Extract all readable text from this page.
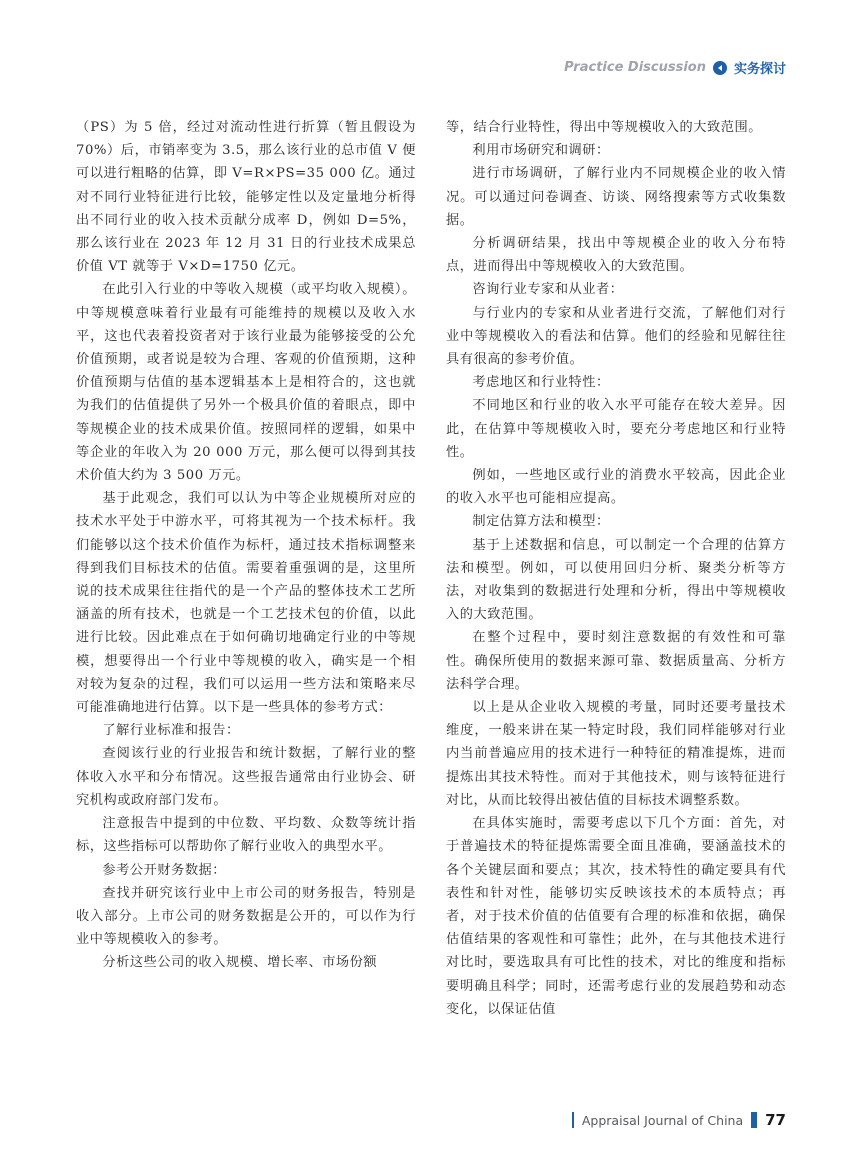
Practice Discussion 实务探讨

（PS）为 5 倍，经过对流动性进行折算（暂且假设为 70%）后，市销率变为 3.5，那么该行业的总市值 V 便可以进行粗略的估算，即 V=R×PS=35 000 亿。通过对不同行业特征进行比较，能够定性以及定量地分析得出不同行业的收入技术贡献分成率 D，例如 D=5%，那么该行业在 2023 年 12 月 31 日的行业技术成果总价值 VT 就等于 V×D=1750 亿元。

在此引入行业的中等收入规模（或平均收入规模）。中等规模意味着行业最有可能维持的规模以及收入水平，这也代表着投资者对于该行业最为能够接受的公允价值预期，或者说是较为合理、客观的价值预期，这种价值预期与估值的基本逻辑基本上是相符合的，这也就为我们的估值提供了另外一个极具价值的着眼点，即中等规模企业的技术成果价值。按照同样的逻辑，如果中等企业的年收入为 20 000 万元，那么便可以得到其技术价值大约为 3 500 万元。

基于此观念，我们可以认为中等企业规模所对应的技术水平处于中游水平，可将其视为一个技术标杆。我们能够以这个技术价值作为标杆，通过技术指标调整来得到我们目标技术的估值。需要着重强调的是，这里所说的技术成果往往指代的是一个产品的整体技术工艺所涵盖的所有技术，也就是一个工艺技术包的价值，以此进行比较。因此难点在于如何确切地确定行业的中等规模，想要得出一个行业中等规模的收入，确实是一个相对较为复杂的过程，我们可以运用一些方法和策略来尽可能准确地进行估算。以下是一些具体的参考方式：

了解行业标准和报告：

查阅该行业的行业报告和统计数据，了解行业的整体收入水平和分布情况。这些报告通常由行业协会、研究机构或政府部门发布。

注意报告中提到的中位数、平均数、众数等统计指标，这些指标可以帮助你了解行业收入的典型水平。

参考公开财务数据：

查找并研究该行业中上市公司的财务报告，特别是收入部分。上市公司的财务数据是公开的，可以作为行业中等规模收入的参考。

分析这些公司的收入规模、增长率、市场份额

等，结合行业特性，得出中等规模收入的大致范围。

利用市场研究和调研：

进行市场调研，了解行业内不同规模企业的收入情况。可以通过问卷调查、访谈、网络搜索等方式收集数据。

分析调研结果，找出中等规模企业的收入分布特点，进而得出中等规模收入的大致范围。

咨询行业专家和从业者：

与行业内的专家和从业者进行交流，了解他们对行业中等规模收入的看法和估算。他们的经验和见解往往具有很高的参考价值。

考虑地区和行业特性：

不同地区和行业的收入水平可能存在较大差异。因此，在估算中等规模收入时，要充分考虑地区和行业特性。

例如，一些地区或行业的消费水平较高，因此企业的收入水平也可能相应提高。

制定估算方法和模型：

基于上述数据和信息，可以制定一个合理的估算方法和模型。例如，可以使用回归分析、聚类分析等方法，对收集到的数据进行处理和分析，得出中等规模收入的大致范围。

在整个过程中，要时刻注意数据的有效性和可靠性。确保所使用的数据来源可靠、数据质量高、分析方法科学合理。

以上是从企业收入规模的考量，同时还要考量技术维度，一般来讲在某一特定时段，我们同样能够对行业内当前普遍应用的技术进行一种特征的精准提炼，进而提炼出其技术特性。而对于其他技术，则与该特征进行对比，从而比较得出被估值的目标技术调整系数。

在具体实施时，需要考虑以下几个方面：首先，对于普遍技术的特征提炼需要全面且准确，要涵盖技术的各个关键层面和要点；其次，技术特性的确定要具有代表性和针对性，能够切实反映该技术的本质特点；再者，对于技术价值的估值要有合理的标准和依据，确保估值结果的客观性和可靠性；此外，在与其他技术进行对比时，要选取具有可比性的技术，对比的维度和指标要明确且科学；同时，还需考虑行业的发展趋势和动态变化，以保证估值

Appraisal Journal of China 77
